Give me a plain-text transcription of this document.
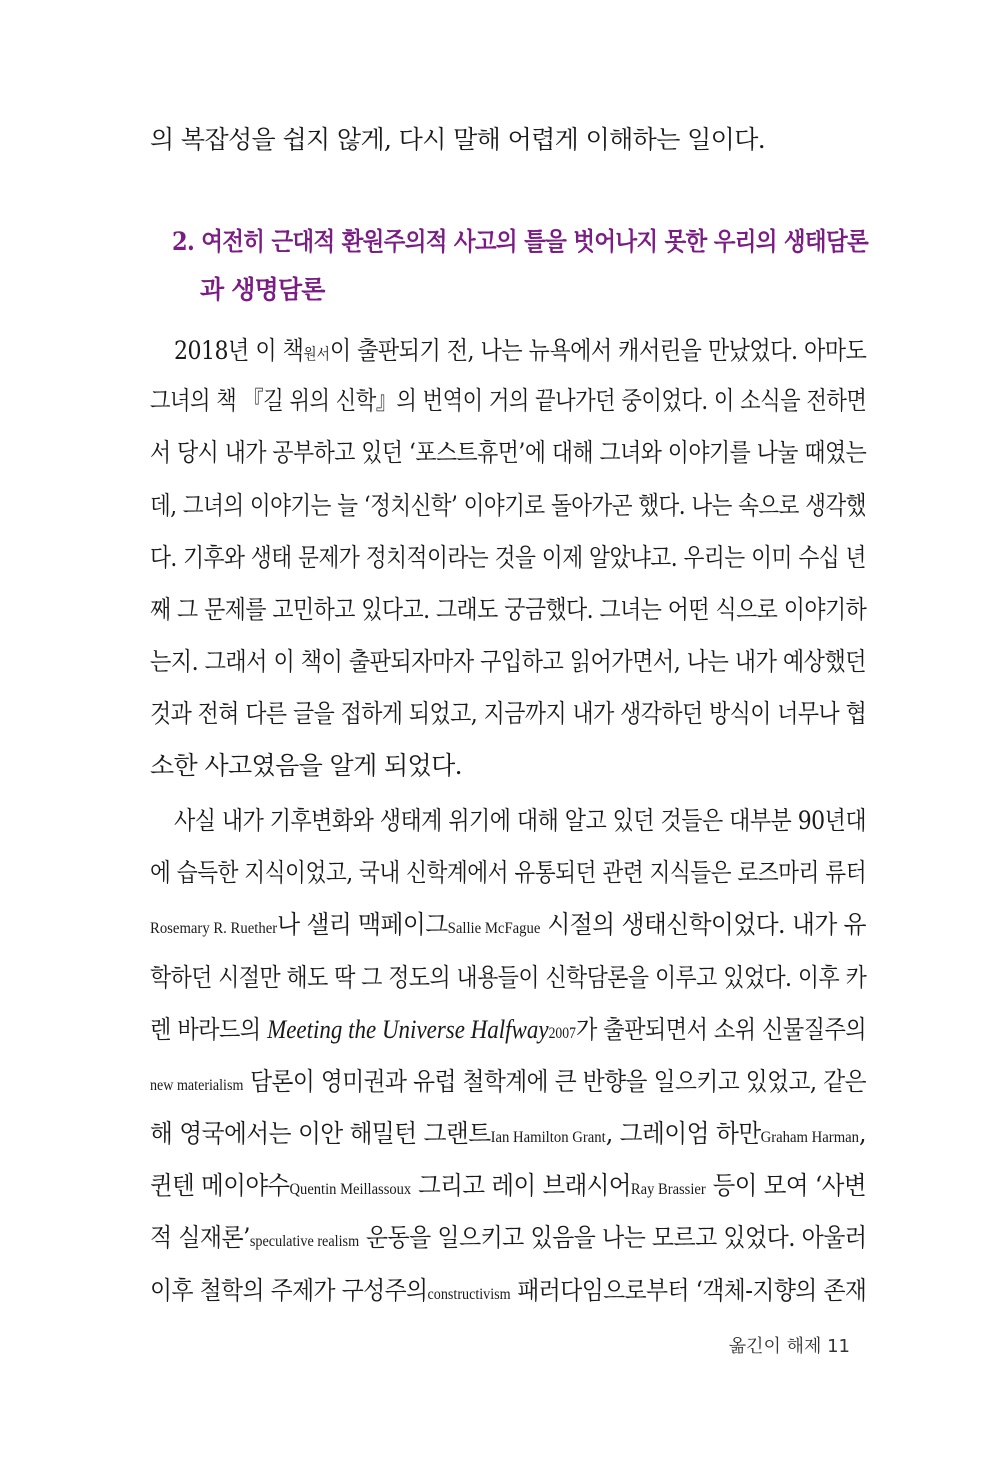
의 복잡성을 쉽지 않게, 다시 말해 어렵게 이해하는 일이다.
2. 여전히 근대적 환원주의적 사고의 틀을 벗어나지 못한 우리의 생태담론
과 생명담론
2018년 이 책원서이 출판되기 전, 나는 뉴욕에서 캐서린을 만났었다. 아마도
그녀의 책 『길 위의 신학』의 번역이 거의 끝나가던 중이었다. 이 소식을 전하면
서 당시 내가 공부하고 있던 ‘포스트휴먼’에 대해 그녀와 이야기를 나눌 때였는
데, 그녀의 이야기는 늘 ‘정치신학’ 이야기로 돌아가곤 했다. 나는 속으로 생각했
다. 기후와 생태 문제가 정치적이라는 것을 이제 알았냐고. 우리는 이미 수십 년
째 그 문제를 고민하고 있다고. 그래도 궁금했다. 그녀는 어떤 식으로 이야기하
는지. 그래서 이 책이 출판되자마자 구입하고 읽어가면서, 나는 내가 예상했던
것과 전혀 다른 글을 접하게 되었고, 지금까지 내가 생각하던 방식이 너무나 협
소한 사고였음을 알게 되었다.
사실 내가 기후변화와 생태계 위기에 대해 알고 있던 것들은 대부분 90년대
에 습득한 지식이었고, 국내 신학계에서 유통되던 관련 지식들은 로즈마리 류터
Rosemary R. Ruether나 샐리 맥페이그Sallie McFague 시절의 생태신학이었다. 내가 유
학하던 시절만 해도 딱 그 정도의 내용들이 신학담론을 이루고 있었다. 이후 카
렌 바라드의 Meeting the Universe Halfway2007가 출판되면서 소위 신물질주의
new materialism 담론이 영미권과 유럽 철학계에 큰 반향을 일으키고 있었고, 같은
해 영국에서는 이안 해밀턴 그랜트Ian Hamilton Grant, 그레이엄 하만Graham Harman,
퀸텐 메이야수Quentin Meillassoux 그리고 레이 브래시어Ray Brassier 등이 모여 ‘사변
적 실재론’speculative realism 운동을 일으키고 있음을 나는 모르고 있었다. 아울러
이후 철학의 주제가 구성주의constructivism 패러다임으로부터 ‘객체-지향의 존재
옮긴이 해제 11
